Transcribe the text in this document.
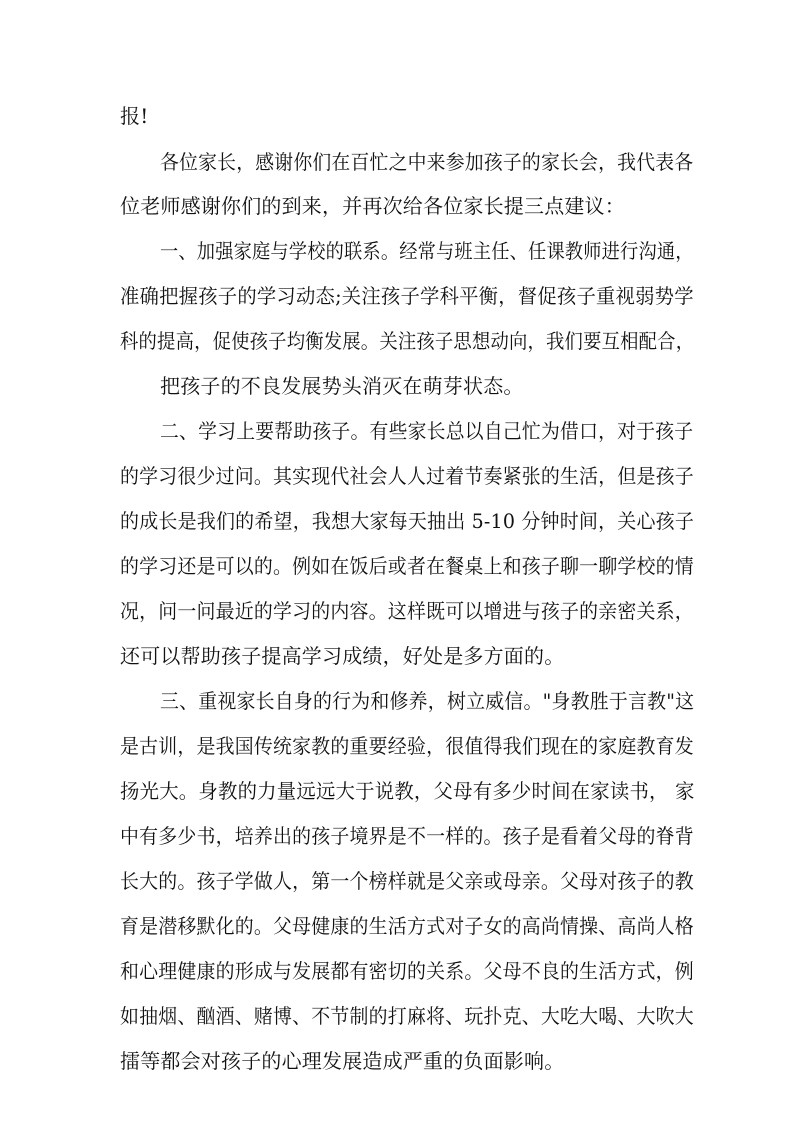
报!
各位家长，感谢你们在百忙之中来参加孩子的家长会，我代表各
位老师感谢你们的到来，并再次给各位家长提三点建议：
一、加强家庭与学校的联系。经常与班主任、任课教师进行沟通，
准确把握孩子的学习动态;关注孩子学科平衡，督促孩子重视弱势学
科的提高，促使孩子均衡发展。关注孩子思想动向，我们要互相配合，
把孩子的不良发展势头消灭在萌芽状态。
二、学习上要帮助孩子。有些家长总以自己忙为借口，对于孩子
的学习很少过问。其实现代社会人人过着节奏紧张的生活，但是孩子
的成长是我们的希望，我想大家每天抽出 5-10 分钟时间，关心孩子
的学习还是可以的。例如在饭后或者在餐桌上和孩子聊一聊学校的情
况，问一问最近的学习的内容。这样既可以增进与孩子的亲密关系，
还可以帮助孩子提高学习成绩，好处是多方面的。
三、重视家长自身的行为和修养，树立威信。"身教胜于言教"这
是古训，是我国传统家教的重要经验，很值得我们现在的家庭教育发
扬光大。身教的力量远远大于说教，父母有多少时间在家读书， 家
中有多少书，培养出的孩子境界是不一样的。孩子是看着父母的脊背
长大的。孩子学做人，第一个榜样就是父亲或母亲。父母对孩子的教
育是潜移默化的。父母健康的生活方式对子女的高尚情操、高尚人格
和心理健康的形成与发展都有密切的关系。父母不良的生活方式，例
如抽烟、酗酒、赌博、不节制的打麻将、玩扑克、大吃大喝、大吹大
擂等都会对孩子的心理发展造成严重的负面影响。
